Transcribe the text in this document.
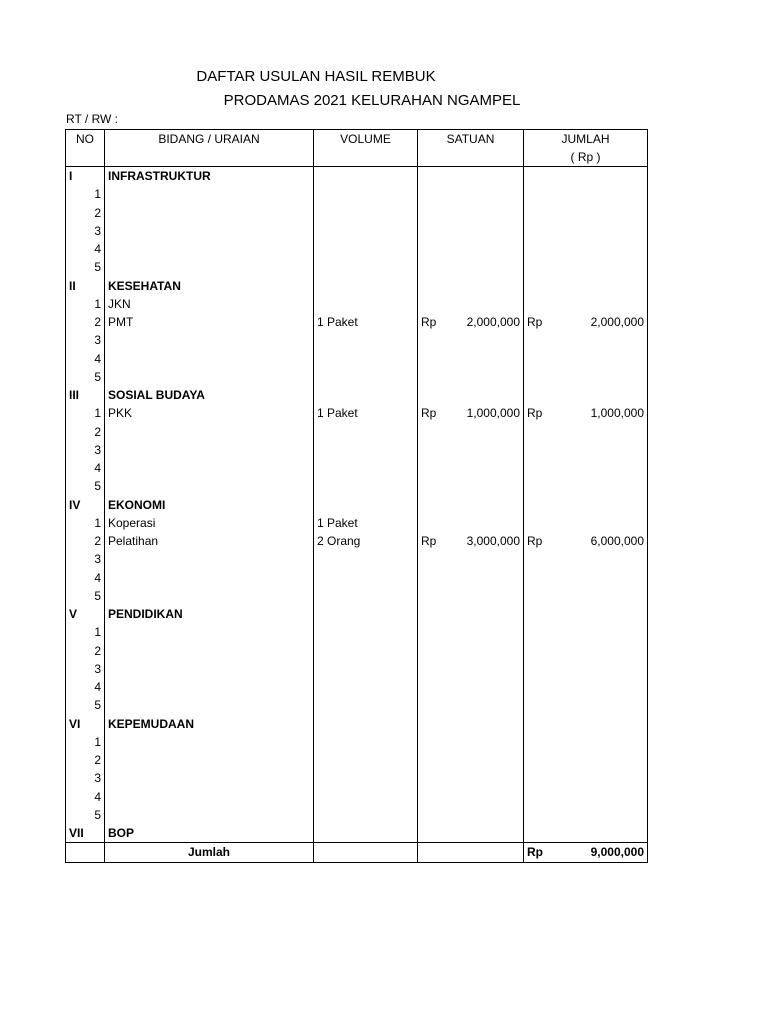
DAFTAR USULAN HASIL REMBUK
PRODAMAS 2021 KELURAHAN NGAMPEL
RT / RW :
NO	BIDANG / URAIAN	VOLUME	SATUAN	JUMLAH
( Rp )

I	INFRASTRUKTUR			
1				
2				
3				
4				
5				
II	KESEHATAN			
1	JKN			
2	PMT	1 Paket	Rp 2,000,000	Rp 2,000,000

3				
4				
5				
III	SOSIAL BUDAYA			
1	PKK	1 Paket	Rp 1,000,000	Rp 1,000,000

2				
3				
4				
5				
IV	EKONOMI			
1	Koperasi	1 Paket		
2	Pelatihan	2 Orang	Rp 3,000,000	Rp 6,000,000

3				
4				
5				
V	PENDIDIKAN			
1				
2				
3				
4				
5				
VI	KEPEMUDAAN			
1				
2				
3				
4				
5				
VII	BOP			
	Jumlah			Rp 9,000,000
